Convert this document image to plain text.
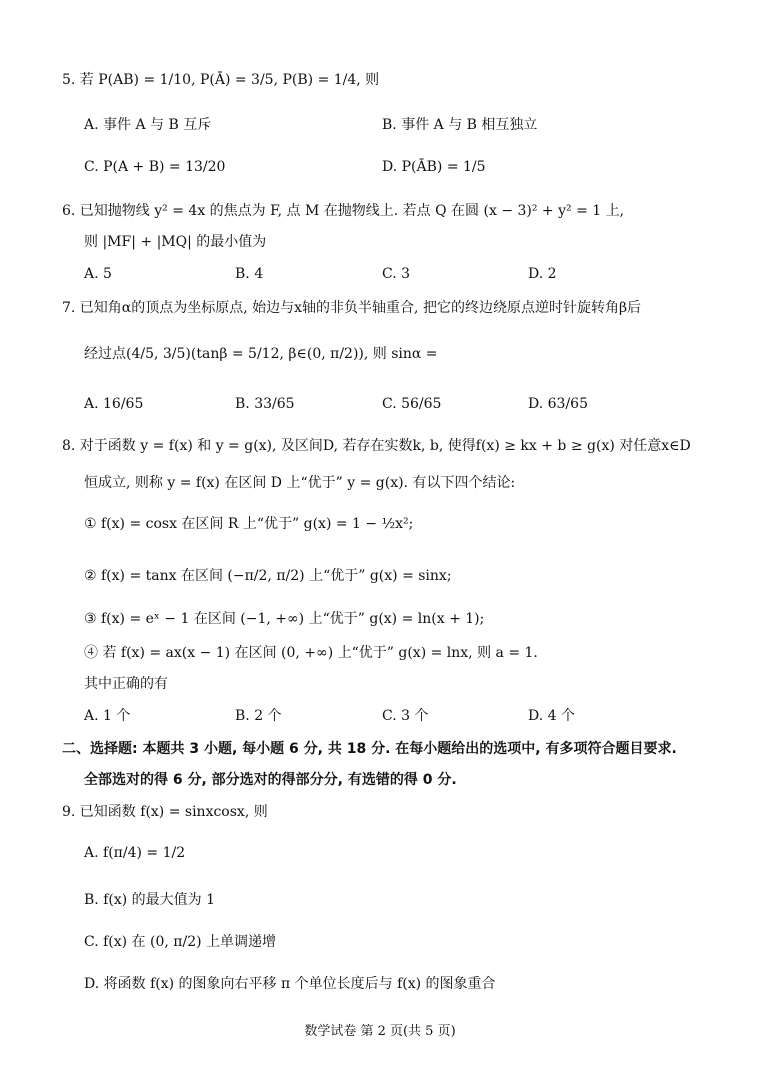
5. 若 P(AB) = 1/10, P(Ā) = 3/5, P(B) = 1/4, 则
A. 事件 A 与 B 互斥	B. 事件 A 与 B 相互独立
C. P(A + B) = 13/20	D. P(ĀB) = 1/5
6. 已知抛物线 y² = 4x 的焦点为 F, 点 M 在抛物线上. 若点 Q 在圆 (x − 3)² + y² = 1 上,
则 |MF| + |MQ| 的最小值为
A. 5	B. 4	C. 3	D. 2
7. 已知角α的顶点为坐标原点, 始边与x轴的非负半轴重合, 把它的终边绕原点逆时针旋转角β后
经过点(4/5, 3/5)(tanβ = 5/12, β∈(0, π/2)), 则 sinα =
A. 16/65	B. 33/65	C. 56/65	D. 63/65
8. 对于函数 y = f(x) 和 y = g(x), 及区间D, 若存在实数k, b, 使得f(x) ≥ kx + b ≥ g(x) 对任意x∈D
恒成立, 则称 y = f(x) 在区间 D 上“优于” y = g(x). 有以下四个结论:
① f(x) = cosx 在区间 R 上“优于” g(x) = 1 − ½x²;
② f(x) = tanx 在区间 (−π/2, π/2) 上“优于” g(x) = sinx;
③ f(x) = eˣ − 1 在区间 (−1, +∞) 上“优于” g(x) = ln(x + 1);
④ 若 f(x) = ax(x − 1) 在区间 (0, +∞) 上“优于” g(x) = lnx, 则 a = 1.
其中正确的有
A. 1 个	B. 2 个	C. 3 个	D. 4 个
二、选择题: 本题共 3 小题, 每小题 6 分, 共 18 分. 在每小题给出的选项中, 有多项符合题目要求.
全部选对的得 6 分, 部分选对的得部分分, 有选错的得 0 分.
9. 已知函数 f(x) = sinxcosx, 则
A. f(π/4) = 1/2
B. f(x) 的最大值为 1
C. f(x) 在 (0, π/2) 上单调递增
D. 将函数 f(x) 的图象向右平移 π 个单位长度后与 f(x) 的图象重合
数学试卷 第 2 页(共 5 页)
